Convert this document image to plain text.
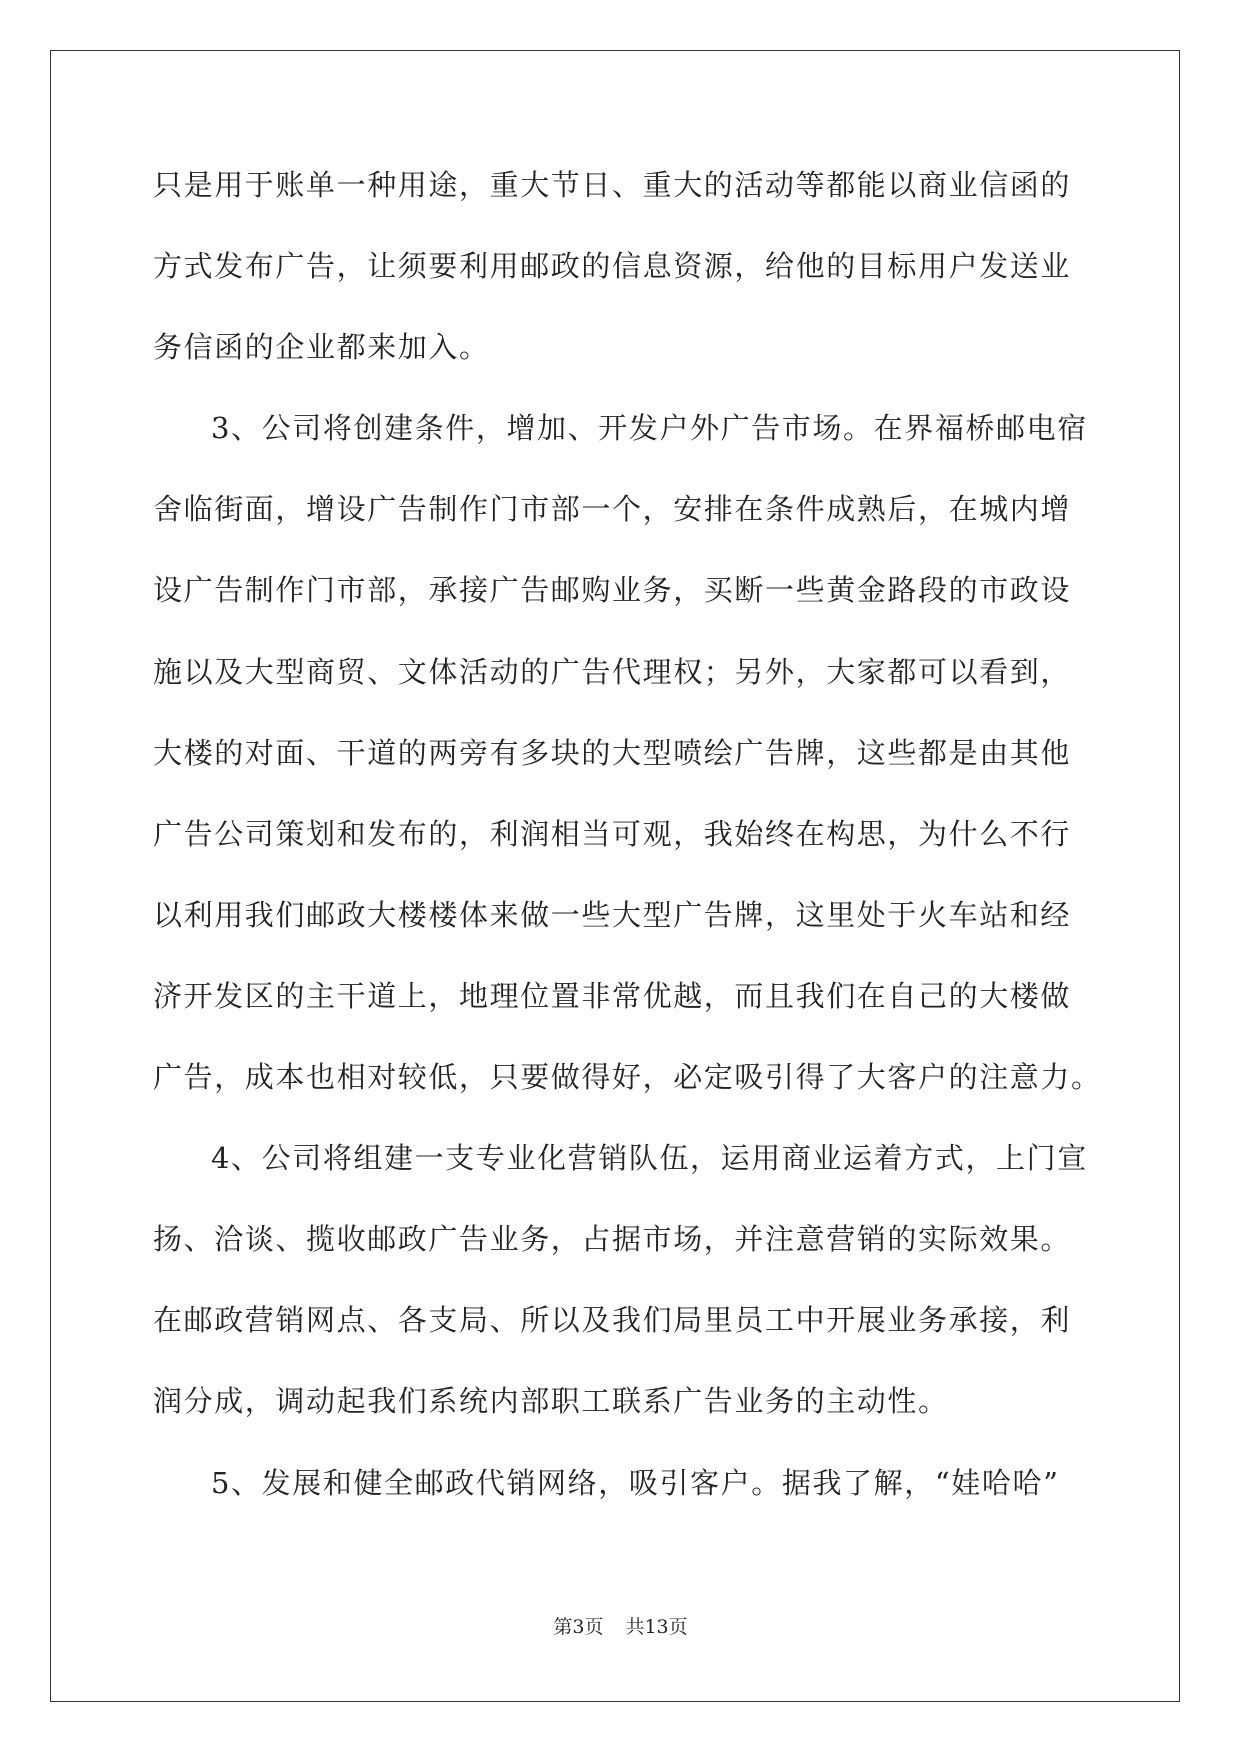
只是用于账单一种用途，重大节日、重大的活动等都能以商业信函的
方式发布广告，让须要利用邮政的信息资源，给他的目标用户发送业
务信函的企业都来加入。
3、公司将创建条件，增加、开发户外广告市场。在界福桥邮电宿
舍临街面，增设广告制作门市部一个，安排在条件成熟后，在城内增
设广告制作门市部，承接广告邮购业务，买断一些黄金路段的市政设
施以及大型商贸、文体活动的广告代理权；另外，大家都可以看到，
大楼的对面、干道的两旁有多块的大型喷绘广告牌，这些都是由其他
广告公司策划和发布的，利润相当可观，我始终在构思，为什么不行
以利用我们邮政大楼楼体来做一些大型广告牌，这里处于火车站和经
济开发区的主干道上，地理位置非常优越，而且我们在自己的大楼做
广告，成本也相对较低，只要做得好，必定吸引得了大客户的注意力。
4、公司将组建一支专业化营销队伍，运用商业运着方式，上门宣
扬、洽谈、揽收邮政广告业务，占据市场，并注意营销的实际效果。
在邮政营销网点、各支局、所以及我们局里员工中开展业务承接，利
润分成，调动起我们系统内部职工联系广告业务的主动性。
5、发展和健全邮政代销网络，吸引客户。据我了解，“娃哈哈”
第3页 共13页
